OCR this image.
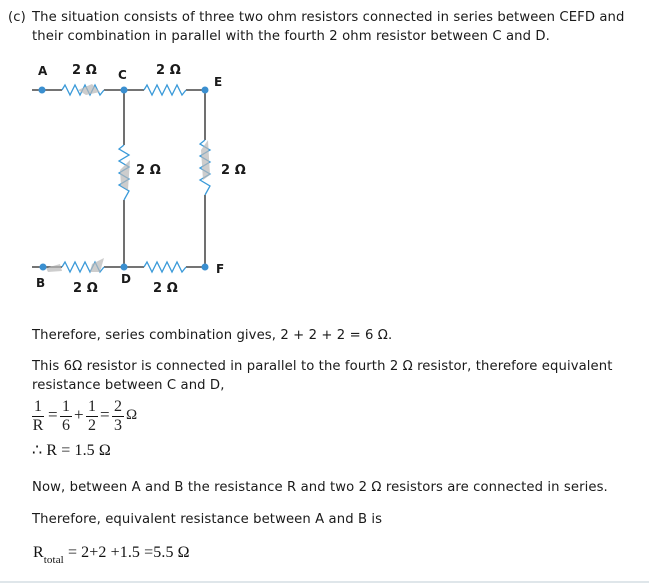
(c) The situation consists of three two ohm resistors connected in series between CEFD and
their combination in parallel with the fourth 2 ohm resistor between C and D.
A	C	E
B	D
F
2 Ω	2 Ω
2 Ω	2 Ω
2 Ω	2 Ω
Therefore, series combination gives, 2 + 2 + 2 = 6 Ω.
This 6Ω resistor is connected in parallel to the fourth 2 Ω resistor, therefore equivalent
resistance between C and D,
1
R
= 1
6
+ 1
2
= 2
3
Ω
∴ R = 1.5 Ω
Now, between A and B the resistance R and two 2 Ω resistors are connected in series.
Therefore, equivalent resistance between A and B is
$R_{total} = 2+2 +1.5 =5.5$ Ω
